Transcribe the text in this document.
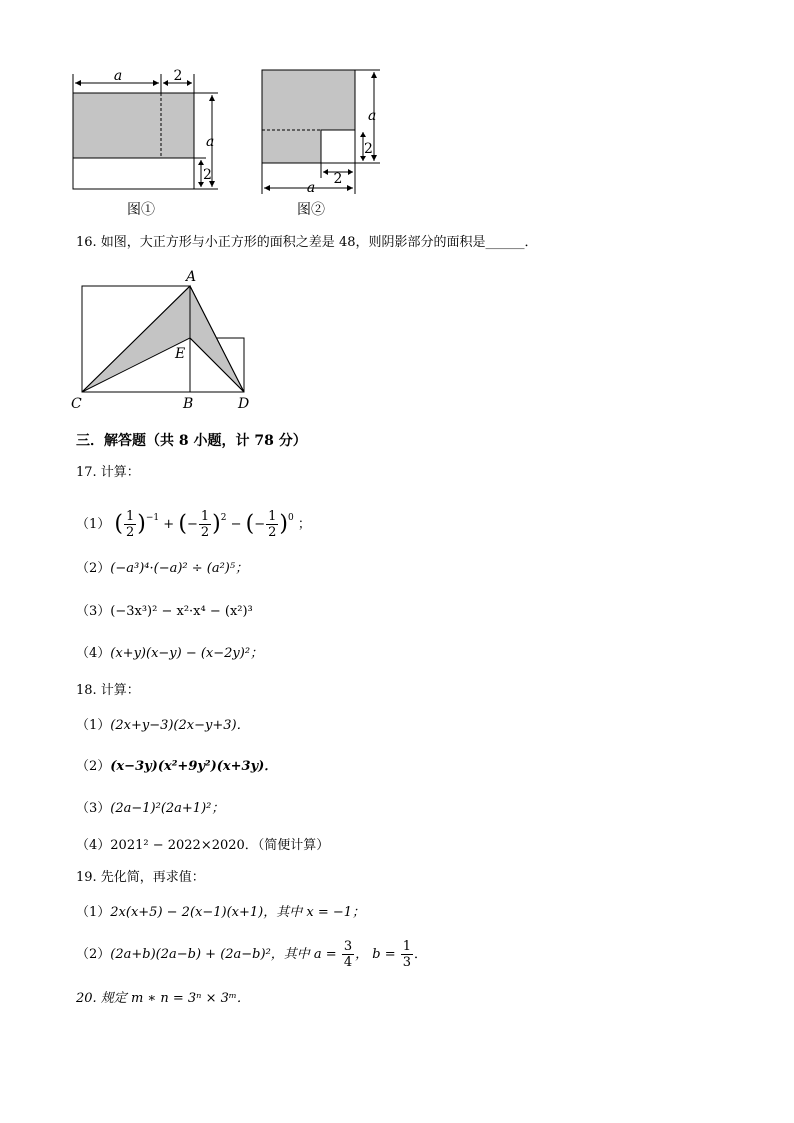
a	2
a
2
图①
a
2
a
2
图②
16. 如图，大正方形与小正方形的面积之差是 48，则阴影部分的面积是______．
A
E
C	B	D
三．解答题（共 8 小题，计 78 分）
17. 计算：
（1） ( $\frac{1}{2} )^{-1}$ + (− $\frac{1}{2} )^2$ − (− $\frac{1}{2} )^0$ ；
（2）(−a³)⁴·(−a)² ÷ (a²)⁵；
（3）(−3x³)² − x²·x⁴ − (x²)³
（4）(x+y)(x−y) − (x−2y)²；
18. 计算：
（1）(2x+y−3)(2x−y+3)．
（2）(x−3y)(x²+9y²)(x+3y)．
（3）(2a−1)²(2a+1)²；
（4）2021² − 2022×2020．（简便计算）
19. 先化简，再求值：
（1）2x(x+5) − 2(x−1)(x+1)，其中 x = −1；
（2）(2a+b)(2a−b) + (2a−b)²，其中 $a = \frac{3}{4}$ ， $b = \frac{1}{3}$ ．
20. 规定 m ∗ n = 3ⁿ × 3ᵐ．
